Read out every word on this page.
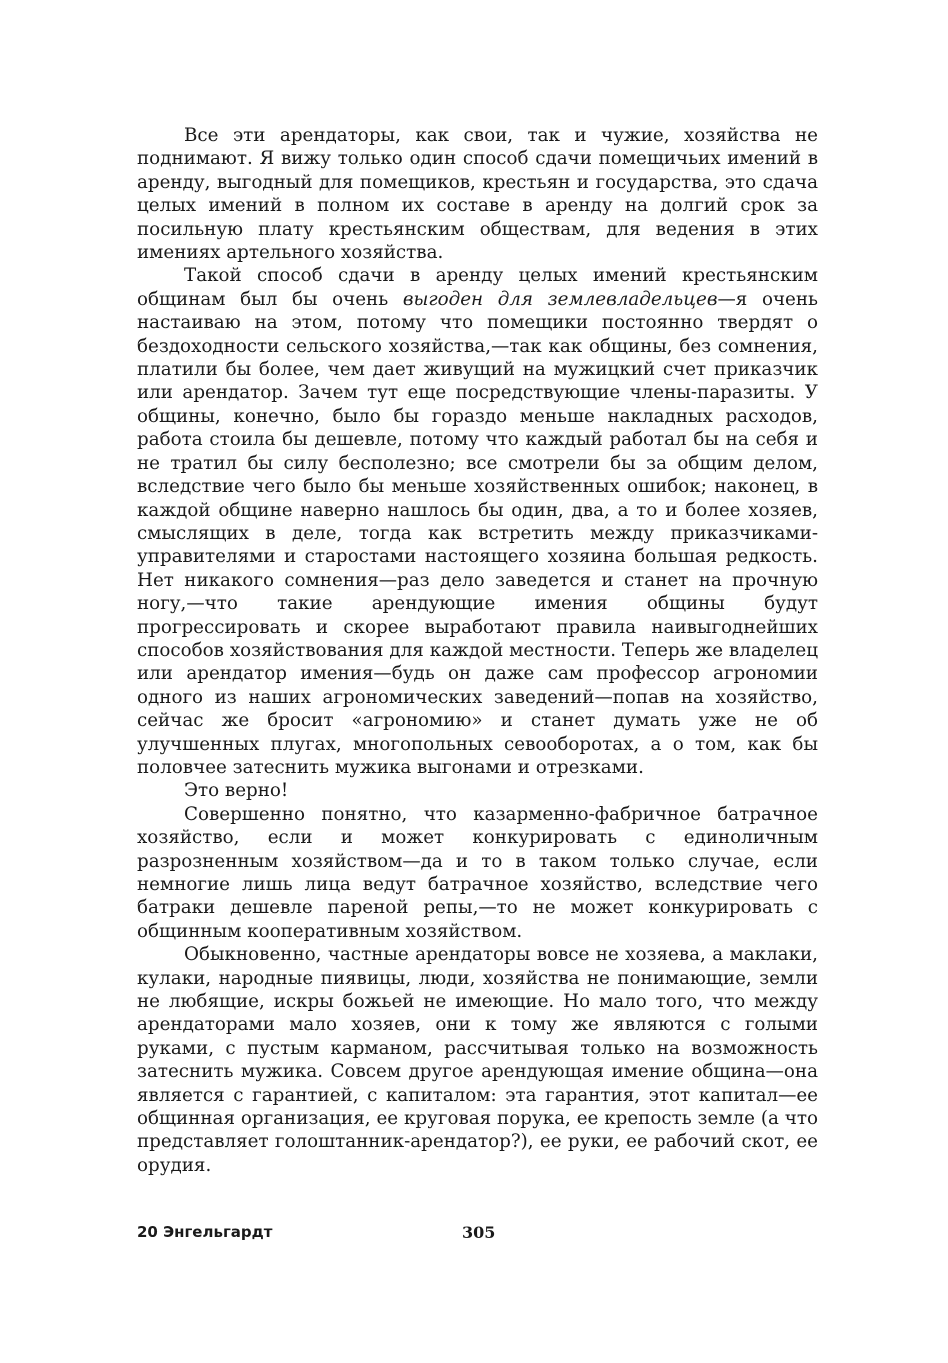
Все эти арендаторы, как свои, так и чужие, хозяйства не поднимают. Я вижу только один способ сдачи помещичьих имений в аренду, выгодный для помещиков, крестьян и государства, это сдача целых имений в полном их составе в аренду на долгий срок за посильную плату крестьянским обществам, для ведения в этих имениях артельного хозяйства.

Такой способ сдачи в аренду целых имений крестьянским общинам был бы очень выгоден для землевладельцев—я очень настаиваю на этом, потому что помещики постоянно твердят о бездоходности сельского хозяйства,—так как общины, без сомнения, платили бы более, чем дает живущий на мужицкий счет приказчик или арендатор. Зачем тут еще посредствующие члены-паразиты. У общины, конечно, было бы гораздо меньше накладных расходов, работа стоила бы дешевле, потому что каждый работал бы на себя и не тратил бы силу бесполезно; все смотрели бы за общим делом, вследствие чего было бы меньше хозяйственных ошибок; наконец, в каждой общине наверно нашлось бы один, два, а то и более хозяев, смыслящих в деле, тогда как встретить между приказчиками-управителями и старостами настоящего хозяина большая редкость. Нет никакого сомнения—раз дело заведется и станет на прочную ногу,—что такие арендующие имения общины будут прогрессировать и скорее выработают правила наивыгоднейших способов хозяйствования для каждой местности. Теперь же владелец или арендатор имения—будь он даже сам профессор агрономии одного из наших агрономических заведений—попав на хозяйство, сейчас же бросит «агрономию» и станет думать уже не об улучшенных плугах, многопольных севооборотах, а о том, как бы половчее затеснить мужика выгонами и отрезками.

Это верно!

Совершенно понятно, что казарменно-фабричное батрачное хозяйство, если и может конкурировать с единоличным разрозненным хозяйством—да и то в таком только случае, если немногие лишь лица ведут батрачное хозяйство, вследствие чего батраки дешевле пареной репы,—то не может конкурировать с общинным кооперативным хозяйством.

Обыкновенно, частные арендаторы вовсе не хозяева, а маклаки, кулаки, народные пиявицы, люди, хозяйства не понимающие, земли не любящие, искры божьей не имеющие. Но мало того, что между арендаторами мало хозяев, они к тому же являются с голыми руками, с пустым карманом, рассчитывая только на возможность затеснить мужика. Совсем другое арендующая имение община—она является с гарантией, с капиталом: эта гарантия, этот капитал—ее общинная организация, ее круговая порука, ее крепость земле (а что представляет голоштанник-арендатор?), ее руки, ее рабочий скот, ее орудия.

20 Энгельгардт	305
